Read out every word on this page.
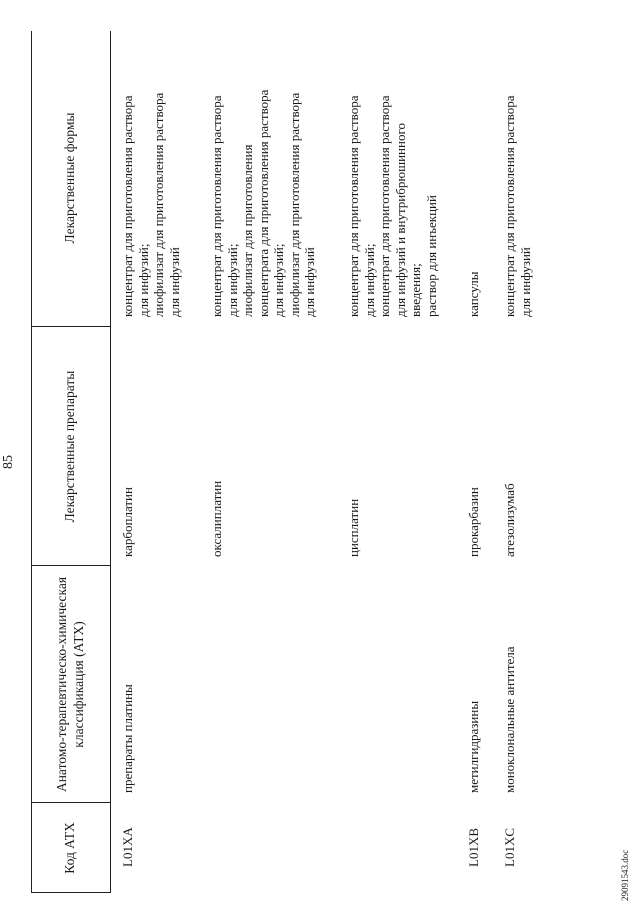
85
Код АТХ
Анатомо-терапевтическо-химическая классификация (АТХ)
Лекарственные препараты
Лекарственные формы
L01XA
препараты платины
карбоплатин
концентрат для приготовления раствора для инфузий; лиофилизат для приготовления раствора для инфузий
оксалиплатин
концентрат для приготовления раствора для инфузий; лиофилизат для приготовления концентрата для приготовления раствора для инфузий; лиофилизат для приготовления раствора для инфузий
цисплатин
концентрат для приготовления раствора для инфузий; концентрат для приготовления раствора для инфузий и внутрибрюшинного введения; раствор для инъекций
L01XB
метилгидразины
прокарбазин
капсулы
L01XC
моноклональные антитела
атезолизумаб
концентрат для приготовления раствора для инфузий
29091543.doc
